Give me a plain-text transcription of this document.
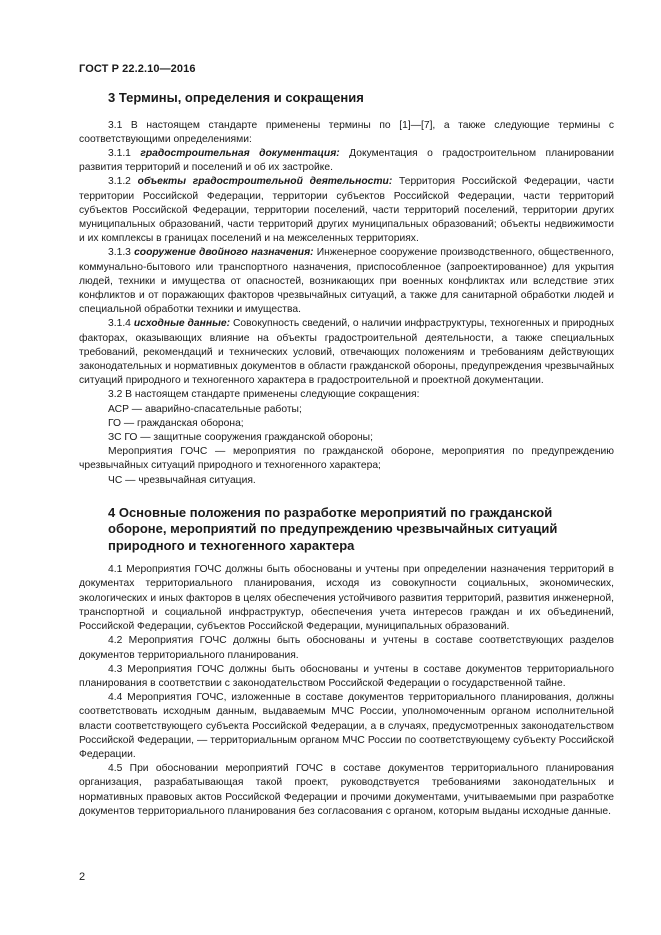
ГОСТ Р 22.2.10—2016
3 Термины, определения и сокращения

3.1 В настоящем стандарте применены термины по [1]—[7], а также следующие термины с соответствующими определениями:

3.1.1 градостроительная документация: Документация о градостроительном планировании развития территорий и поселений и об их застройке.

3.1.2 объекты градостроительной деятельности: Территория Российской Федерации, части территории Российской Федерации, территории субъектов Российской Федерации, части территорий субъектов Российской Федерации, территории поселений, части территорий поселений, территории других муниципальных образований, части территорий других муниципальных образований; объекты недвижимости и их комплексы в границах поселений и на межселенных территориях.

3.1.3 сооружение двойного назначения: Инженерное сооружение производственного, общественного, коммунально-бытового или транспортного назначения, приспособленное (запроектированное) для укрытия людей, техники и имущества от опасностей, возникающих при военных конфликтах или вследствие этих конфликтов и от поражающих факторов чрезвычайных ситуаций, а также для санитарной обработки людей и специальной обработки техники и имущества.

3.1.4 исходные данные: Совокупность сведений, о наличии инфраструктуры, техногенных и природных факторах, оказывающих влияние на объекты градостроительной деятельности, а также специальных требований, рекомендаций и технических условий, отвечающих положениям и требованиям действующих законодательных и нормативных документов в области гражданской обороны, предупреждения чрезвычайных ситуаций природного и техногенного характера в градостроительной и проектной документации.

3.2 В настоящем стандарте применены следующие сокращения:

АСР — аварийно-спасательные работы;

ГО — гражданская оборона;

ЗС ГО — защитные сооружения гражданской обороны;

Мероприятия ГОЧС — мероприятия по гражданской обороне, мероприятия по предупреждению чрезвычайных ситуаций природного и техногенного характера;

ЧС — чрезвычайная ситуация.

4 Основные положения по разработке мероприятий по гражданской
обороне, мероприятий по предупреждению чрезвычайных ситуаций
природного и техногенного характера

4.1 Мероприятия ГОЧС должны быть обоснованы и учтены при определении назначения территорий в документах территориального планирования, исходя из совокупности социальных, экономических, экологических и иных факторов в целях обеспечения устойчивого развития территорий, развития инженерной, транспортной и социальной инфраструктур, обеспечения учета интересов граждан и их объединений, Российской Федерации, субъектов Российской Федерации, муниципальных образований.

4.2 Мероприятия ГОЧС должны быть обоснованы и учтены в составе соответствующих разделов документов территориального планирования.

4.3 Мероприятия ГОЧС должны быть обоснованы и учтены в составе документов территориального планирования в соответствии с законодательством Российской Федерации о государственной тайне.

4.4 Мероприятия ГОЧС, изложенные в составе документов территориального планирования, должны соответствовать исходным данным, выдаваемым МЧС России, уполномоченным органом исполнительной власти соответствующего субъекта Российской Федерации, а в случаях, предусмотренных законодательством Российской Федерации, — территориальным органом МЧС России по соответствующему субъекту Российской Федерации.

4.5 При обосновании мероприятий ГОЧС в составе документов территориального планирования организация, разрабатывающая такой проект, руководствуется требованиями законодательных и нормативных правовых актов Российской Федерации и прочими документами, учитываемыми при разработке документов территориального планирования без согласования с органом, которым выданы исходные данные.

2
